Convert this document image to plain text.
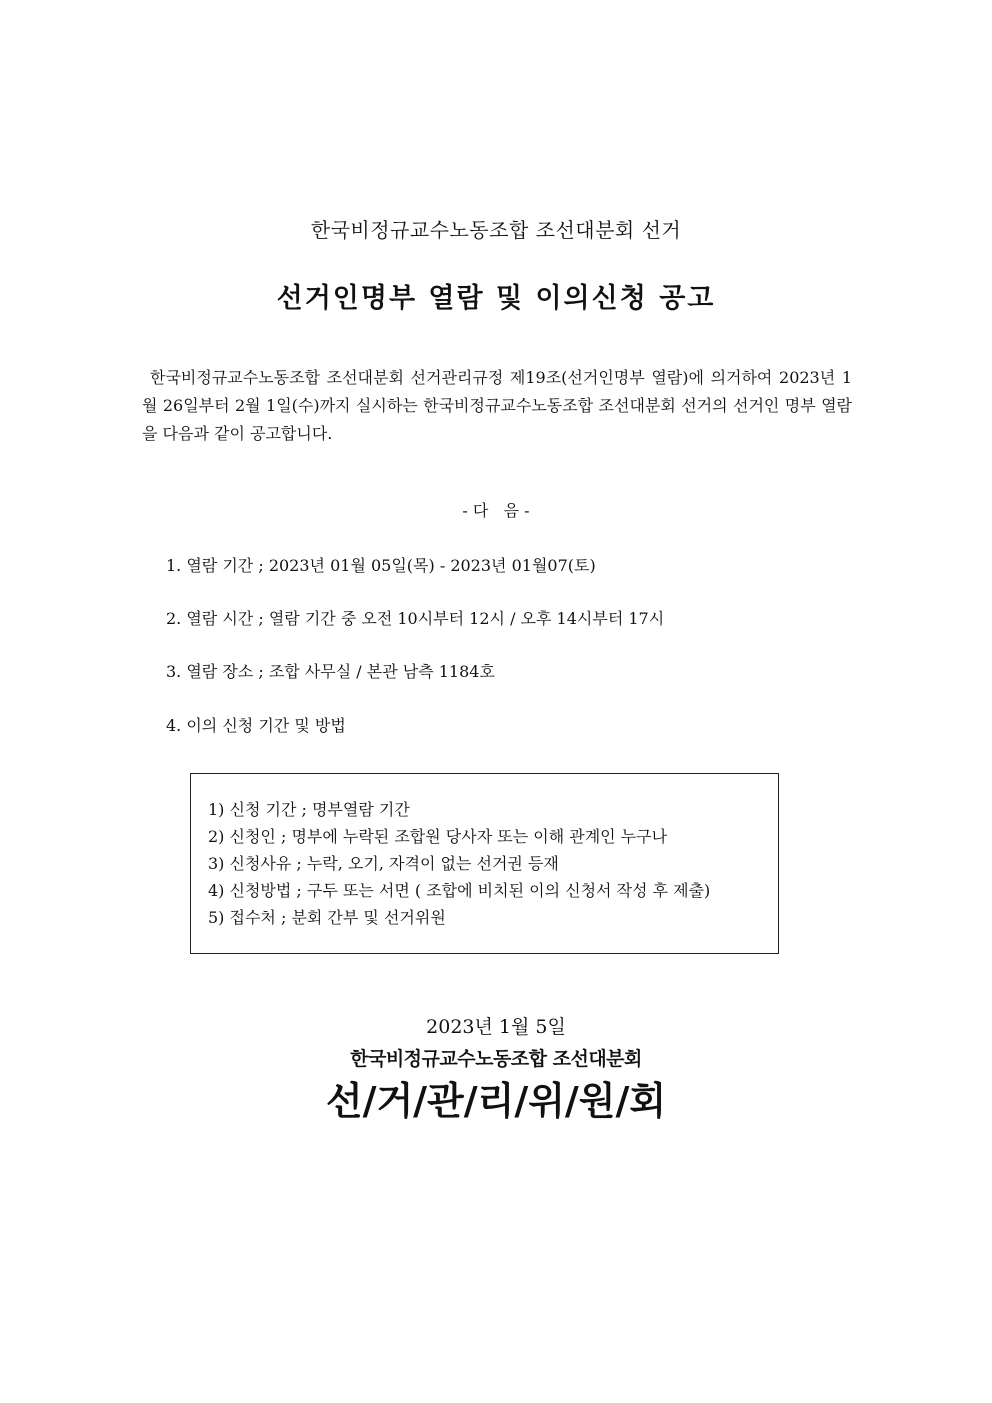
한국비정규교수노동조합 조선대분회 선거
선거인명부 열람 및 이의신청 공고

한국비정규교수노동조합 조선대분회 선거관리규정 제19조(선거인명부 열람)에 의거하여 2023년 1월 26일부터 2월 1일(수)까지 실시하는 한국비정규교수노동조합 조선대분회 선거의 선거인 명부 열람을 다음과 같이 공고합니다.

- 다   음 -
1. 열람 기간 ; 2023년 01월 05일(목) - 2023년 01월07(토)
2. 열람 시간 ; 열람 기간 중 오전 10시부터 12시 / 오후 14시부터 17시
3. 열람 장소 ; 조합 사무실 / 본관 남측 1184호
4. 이의 신청 기간 및 방법
1) 신청 기간 ; 명부열람 기간
2) 신청인 ; 명부에 누락된 조합원 당사자 또는 이해 관계인 누구나
3) 신청사유 ; 누락, 오기, 자격이 없는 선거권 등재
4) 신청방법 ; 구두 또는 서면 ( 조합에 비치된 이의 신청서 작성 후 제출)
5) 접수처 ; 분회 간부 및 선거위원
2023년 1월 5일
한국비정규교수노동조합 조선대분회
선/거/관/리/위/원/회
